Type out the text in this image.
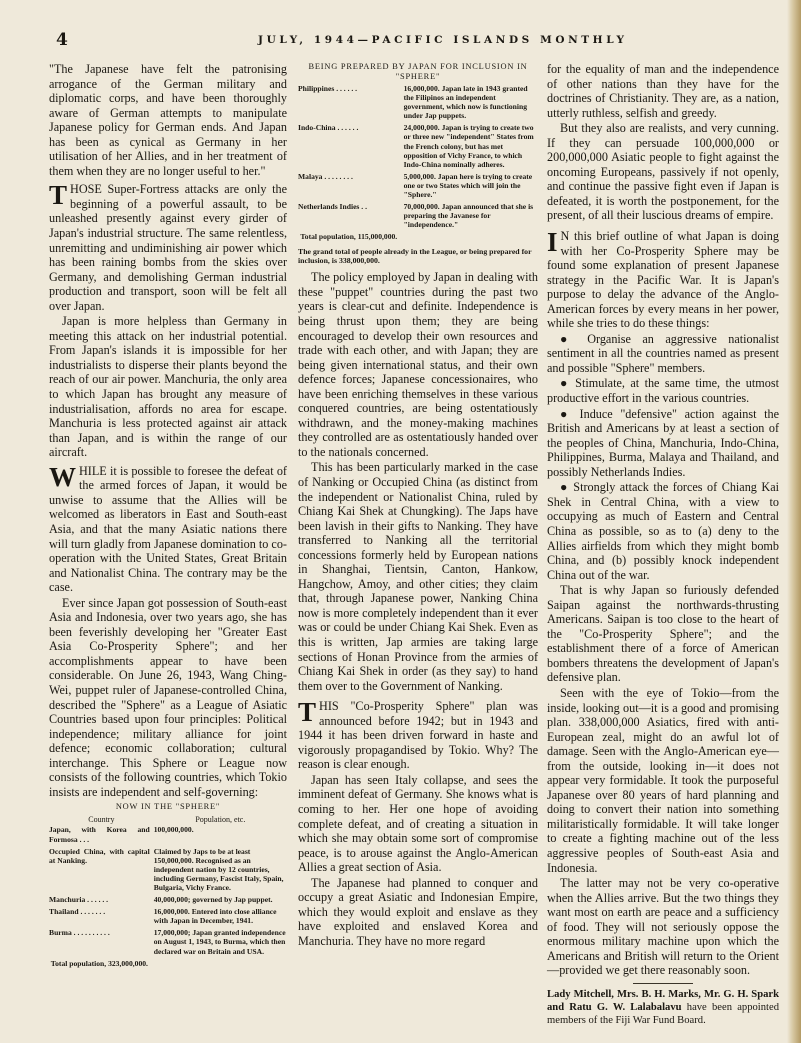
4	JULY, 1944—PACIFIC ISLANDS MONTHLY

"The Japanese have felt the patronising arrogance of the German military and diplomatic corps, and have been thoroughly aware of German attempts to manipulate Japanese policy for German ends. And Japan has been as cynical as Germany in her utilisation of her Allies, and in her treatment of them when they are no longer useful to her."

THOSE Super-Fortress attacks are only the beginning of a powerful assault, to be unleashed presently against every girder of Japan's industrial structure. The same relentless, unremitting and undiminishing air power which has been raining bombs from the skies over Germany, and demolishing German industrial production and transport, soon will be felt all over Japan.

Japan is more helpless than Germany in meeting this attack on her industrial potential. From Japan's islands it is impossible for her industrialists to disperse their plants beyond the reach of our air power. Manchuria, the only area to which Japan has brought any measure of industrialisation, affords no area for escape. Manchuria is less protected against air attack than Japan, and is within the range of our aircraft.

WHILE it is possible to foresee the defeat of the armed forces of Japan, it would be unwise to assume that the Allies will be welcomed as liberators in East and South-east Asia, and that the many Asiatic nations there will turn gladly from Japanese domination to co-operation with the United States, Great Britain and Nationalist China. The contrary may be the case.

Ever since Japan got possession of South-east Asia and Indonesia, over two years ago, she has been feverishly developing her "Greater East Asia Co-Prosperity Sphere"; and her accomplishments appear to have been considerable. On June 26, 1943, Wang Ching-Wei, puppet ruler of Japanese-controlled China, described the "Sphere" as a League of Asiatic Countries based upon four principles: Political independence; military alliance for joint defence; economic collaboration; cultural interchange. This Sphere or League now consists of the following countries, which Tokio insists are independent and self-governing:

NOW IN THE "SPHERE"
Country	Population, etc.
Japan, with Korea and Formosa . . .	100,000,000.
Occupied China, with capital at Nanking.	Claimed by Japs to be at least 150,000,000. Recognised as an independent nation by 12 countries, including Germany, Fascist Italy, Spain, Bulgaria, Vichy France.
Manchuria . . . . . .	40,000,000; governed by Jap puppet.
Thailand . . . . . . .	16,000,000. Entered into close alliance with Japan in December, 1941.
Burma . . . . . . . . . .	17,000,000; Japan granted independence on August 1, 1943, to Burma, which then declared war on Britain and USA.
Total population, 323,000,000.	
BEING PREPARED BY JAPAN FOR INCLUSION IN "SPHERE"
Philippines . . . . . .	16,000,000. Japan late in 1943 granted the Filipinos an independent government, which now is functioning under Jap puppets.
Indo-China . . . . . .	24,000,000. Japan is trying to create two or three new "independent" States from the French colony, but has met opposition of Vichy France, to which Indo-China nominally adheres.
Malaya . . . . . . . .	5,000,000. Japan here is trying to create one or two States which will join the "Sphere."
Netherlands Indies . .	70,000,000. Japan announced that she is preparing the Javanese for "independence."
Total population, 115,000,000.	
The grand total of people already in the League, or being prepared for inclusion, is 338,000,000.

The policy employed by Japan in dealing with these "puppet" countries during the past two years is clear-cut and definite. Independence is being thrust upon them; they are being encouraged to develop their own resources and trade with each other, and with Japan; they are being given international status, and their own defence forces; Japanese concessionaires, who have been enriching themselves in these various conquered countries, are being ostentatiously withdrawn, and the money-making machines they controlled are as ostentatiously handed over to the nationals concerned.

This has been particularly marked in the case of Nanking or Occupied China (as distinct from the independent or Nationalist China, ruled by Chiang Kai Shek at Chungking). The Japs have been lavish in their gifts to Nanking. They have transferred to Nanking all the territorial concessions formerly held by European nations in Shanghai, Tientsin, Canton, Hankow, Hangchow, Amoy, and other cities; they claim that, through Japanese power, Nanking China now is more completely independent than it ever was or could be under Chiang Kai Shek. Even as this is written, Jap armies are taking large sections of Honan Province from the armies of Chiang Kai Shek in order (as they say) to hand them over to the Government of Nanking.

THIS "Co-Prosperity Sphere" plan was announced before 1942; but in 1943 and 1944 it has been driven forward in haste and vigorously propagandised by Tokio. Why? The reason is clear enough.

Japan has seen Italy collapse, and sees the imminent defeat of Germany. She knows what is coming to her. Her one hope of avoiding complete defeat, and of creating a situation in which she may obtain some sort of compromise peace, is to arouse against the Anglo-American Allies a great section of Asia.

The Japanese had planned to conquer and occupy a great Asiatic and Indonesian Empire, which they would exploit and enslave as they have exploited and enslaved Korea and Manchuria. They have no more regard

for the equality of man and the independence of other nations than they have for the doctrines of Christianity. They are, as a nation, utterly ruthless, selfish and greedy.

But they also are realists, and very cunning. If they can persuade 100,000,000 or 200,000,000 Asiatic people to fight against the oncoming Europeans, passively if not openly, and continue the passive fight even if Japan is defeated, it is worth the postponement, for the present, of all their luscious dreams of empire.

I N this brief outline of what Japan is doing with her Co-Prosperity Sphere may be found some explanation of present Japanese strategy in the Pacific War. It is Japan's purpose to delay the advance of the Anglo-American forces by every means in her power, while she tries to do these things:

● Organise an aggressive nationalist sentiment in all the countries named as present and possible "Sphere" members.

● Stimulate, at the same time, the utmost productive effort in the various countries.

● Induce "defensive" action against the British and Americans by at least a section of the peoples of China, Manchuria, Indo-China, Philippines, Burma, Malaya and Thailand, and possibly Netherlands Indies.

● Strongly attack the forces of Chiang Kai Shek in Central China, with a view to occupying as much of Eastern and Central China as possible, so as to (a) deny to the Allies airfields from which they might bomb China, and (b) possibly knock independent China out of the war.

That is why Japan so furiously defended Saipan against the northwards-thrusting Americans. Saipan is too close to the heart of the "Co-Prosperity Sphere"; and the establishment there of a force of American bombers threatens the development of Japan's defensive plan.

Seen with the eye of Tokio—from the inside, looking out—it is a good and promising plan. 338,000,000 Asiatics, fired with anti-European zeal, might do an awful lot of damage. Seen with the Anglo-American eye—from the outside, looking in—it does not appear very formidable. It took the purposeful Japanese over 80 years of hard planning and doing to convert their nation into something militaristically formidable. It will take longer to create a fighting machine out of the less aggressive peoples of South-east Asia and Indonesia.

The latter may not be very co-operative when the Allies arrive. But the two things they want most on earth are peace and a sufficiency of food. They will not seriously oppose the enormous military machine upon which the Americans and British will return to the Orient—provided we get there reasonably soon.

Lady Mitchell, Mrs. B. H. Marks, Mr. G. H. Spark and Ratu G. W. Lalabalavu have been appointed members of the Fiji War Fund Board.
